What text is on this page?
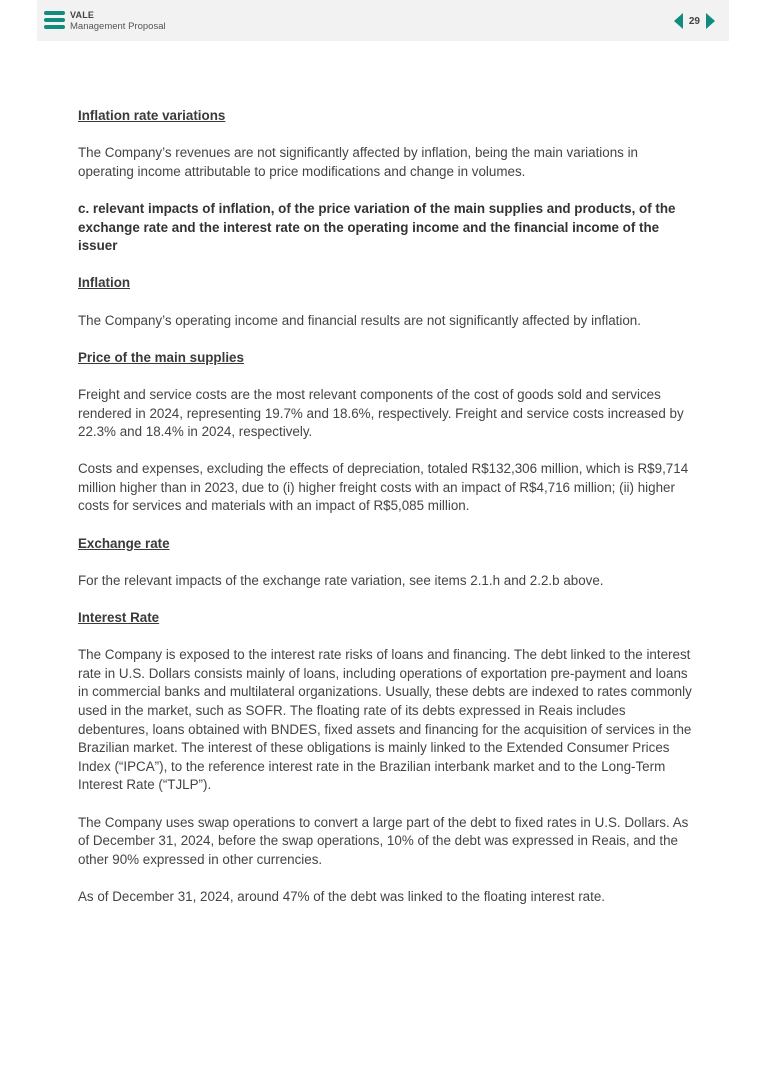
VALE
Management Proposal	29

Inflation rate variations

The Company’s revenues are not significantly affected by inflation, being the main variations in operating income attributable to price modifications and change in volumes.

c. relevant impacts of inflation, of the price variation of the main supplies and products, of the exchange rate and the interest rate on the operating income and the financial income of the issuer

Inflation

The Company’s operating income and financial results are not significantly affected by inflation.

Price of the main supplies

Freight and service costs are the most relevant components of the cost of goods sold and services rendered in 2024, representing 19.7% and 18.6%, respectively. Freight and service costs increased by 22.3% and 18.4% in 2024, respectively.

Costs and expenses, excluding the effects of depreciation, totaled R$132,306 million, which is R$9,714 million higher than in 2023, due to (i) higher freight costs with an impact of R$4,716 million; (ii) higher costs for services and materials with an impact of R$5,085 million.

Exchange rate

For the relevant impacts of the exchange rate variation, see items 2.1.h and 2.2.b above.

Interest Rate

The Company is exposed to the interest rate risks of loans and financing. The debt linked to the interest rate in U.S. Dollars consists mainly of loans, including operations of exportation pre-payment and loans in commercial banks and multilateral organizations. Usually, these debts are indexed to rates commonly used in the market, such as SOFR. The floating rate of its debts expressed in Reais includes debentures, loans obtained with BNDES, fixed assets and financing for the acquisition of services in the Brazilian market. The interest of these obligations is mainly linked to the Extended Consumer Prices Index (“IPCA”), to the reference interest rate in the Brazilian interbank market and to the Long-Term Interest Rate (“TJLP”).

The Company uses swap operations to convert a large part of the debt to fixed rates in U.S. Dollars. As of December 31, 2024, before the swap operations, 10% of the debt was expressed in Reais, and the other 90% expressed in other currencies.

As of December 31, 2024, around 47% of the debt was linked to the floating interest rate.
